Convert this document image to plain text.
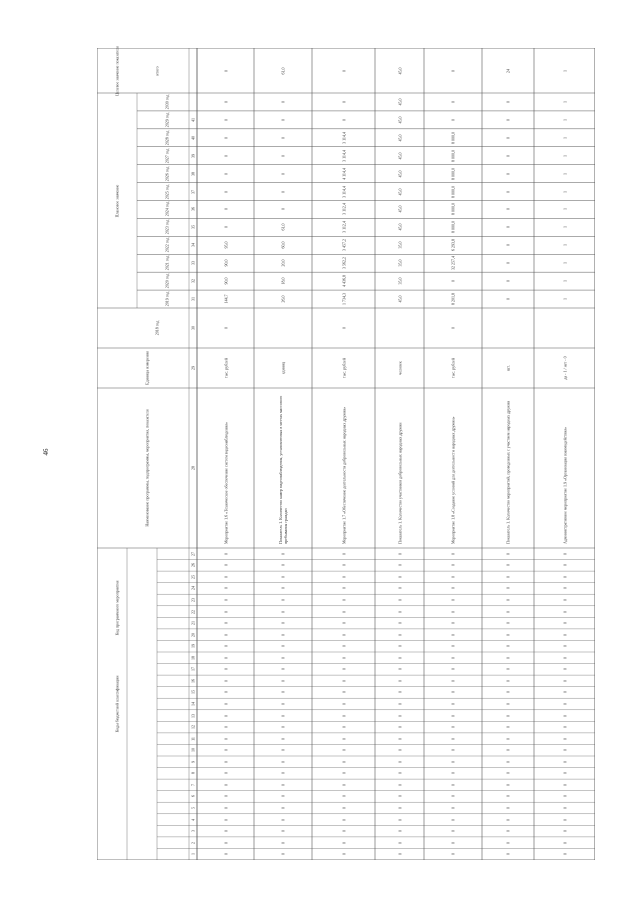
46
Коды бюджетной классификации
Код программного мероприятия
Наименование программы, подпрограммы, мероприятия, показателя
Единица измерения
2018 год
Плановое значение
Целевое значение показателя	итого
2019 год
2020 год
2021 год
2022 год
2023 год
2024 год
2025 год
2026 год
2027 год
2028 год
2029 год
2030 год
1
2
3
4
5
6
7
8
9
10
11
12
13
14
15
16
17
18
19
20
21
22
23
24
25
26
27
28
29
30
31
32
33
34
35
36
37
38
39
40
41
Мероприятие 1.6 «Техническое обеспечение систем видеонаблюдения»
тыс. рублей
0
144,7
90,0
90,0
95,0
0
0
0
0
0
0
0
0
0
0
0
0
0
0
0
0
0
0
0
0
0
0
0
0
0
0
0
0
0
0
0
0
0
0
0
0
Показатель 1. Количество камер видеонаблюдения, установленных в местах массового пребывания граждан
единиц
26,0
18,0
20,0
60,0
61,0
0
0
0
0
0
0
0
61,0
0
0
0
0
0
0
0
0
0
0
0
0
0
0
0
0
0
0
0
0
0
0
0
0
0
0
0
Мероприятие 1.7 «Обеспечение деятельности добровольных народных дружин»
тыс. рублей
0
1 734,3
4 436,8
3 562,2
3 457,2
3 112,4
3 112,4
3 114,4
4 114,4
3 114,4
3 114,4
0
0
0
0
0
0
0
0
0
0
0
0
0
0
0
0
0
0
0
0
0
0
0
0
0
0
0
0
0
0
Показатель 1. Количество участников добровольных народных дружин
человек
45,0
35,0
35,0
35,0
45,0
45,0
45,0
45,0
45,0
45,0
45,0
45,0
45,0
0
0
0
0
0
0
0
0
0
0
0
0
0
0
0
0
0
0
0
0
0
0
0
0
0
0
0
Мероприятие 1.8 «Создание условий для деятельности народных дружин»
тыс. рублей
0
8 201,8
0
32 257,4
6 293,8
8 000,0
8 000,0
8 000,0
8 000,0
8 000,0
8 000,0
0
0
0
0
0
0
0
0
0
0
0
0
0
0
0
0
0
0
0
0
0
0
0
0
0
0
0
0
0
0
Показатель 1. Количество мероприятий, проведенных с участием народных дружин
шт.
0
0
0
0
0
0
0
0
0
0
0
0
24
0
0
0
0
0
0
0
0
0
0
0
0
0
0
0
0
0
0
0
0
0
0
0
0
0
0
0
Административное мероприятие 1.9 «Организация взаимодействия»
да - 1 / нет - 0
1
1
1
1
1
1
1
1
1
1
1
1
1
0
0
0
0
0
0
0
0
0
0
0
0
0
0
0
0
0
0
0
0
0
0
0
0
0
0
0
